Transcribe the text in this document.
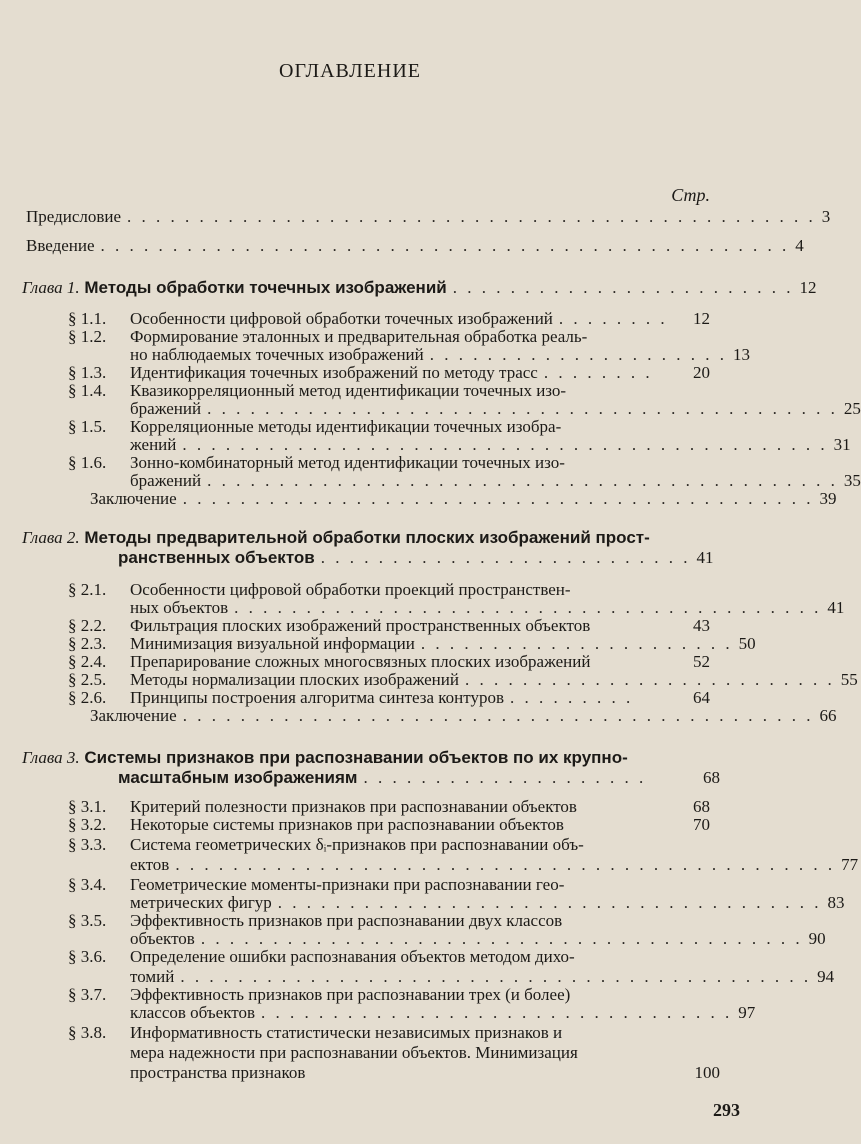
ОГЛАВЛЕНИЕ
Стр.
Предисловие . . . . . . . . . . . . . . . . . . . . . . . . . . . . . . . . . . . . . . . . . . . . . . . . 3
Введение . . . . . . . . . . . . . . . . . . . . . . . . . . . . . . . . . . . . . . . . . . . . . . . . 4
Глава 1. Методы обработки точечных изображений . . . . . . . . . . . . . . . . . . . . . . . . 12
§ 1.1. Особенности цифровой обработки точечных изображений . . . . . . . .	12
§ 1.2. Формирование эталонных и предварительная обработка реаль-
но наблюдаемых точечных изображений . . . . . . . . . . . . . . . . . . . . . 13
§ 1.3. Идентификация точечных изображений по методу трасс . . . . . . . .	20
§ 1.4. Квазикорреляционный метод идентификации точечных изо-
бражений . . . . . . . . . . . . . . . . . . . . . . . . . . . . . . . . . . . . . . . . . . . . 25
§ 1.5. Корреляционные методы идентификации точечных изобра-
жений . . . . . . . . . . . . . . . . . . . . . . . . . . . . . . . . . . . . . . . . . . . . . 31
§ 1.6. Зонно-комбинаторный метод идентификации точечных изо-
бражений . . . . . . . . . . . . . . . . . . . . . . . . . . . . . . . . . . . . . . . . . . . . 35
Заключение . . . . . . . . . . . . . . . . . . . . . . . . . . . . . . . . . . . . . . . . . . . . 39
Глава 2. Методы предварительной обработки плоских изображений прост-
ранственных объектов . . . . . . . . . . . . . . . . . . . . . . . . . . 41
§ 2.1. Особенности цифровой обработки проекций пространствен-
ных объектов . . . . . . . . . . . . . . . . . . . . . . . . . . . . . . . . . . . . . . . . . 41
§ 2.2. Фильтрация плоских изображений пространственных объектов	43
§ 2.3. Минимизация визуальной информации . . . . . . . . . . . . . . . . . . . . . . 50
§ 2.4. Препарирование сложных многосвязных плоских изображений	52
§ 2.5. Методы нормализации плоских изображений . . . . . . . . . . . . . . . . . . . . . . . . . . 55
§ 2.6. Принципы построения алгоритма синтеза контуров . . . . . . . . .	64
Заключение . . . . . . . . . . . . . . . . . . . . . . . . . . . . . . . . . . . . . . . . . . . . 66
Глава 3. Системы признаков при распознавании объектов по их крупно-
масштабным изображениям . . . . . . . . . . . . . . . . . . . .	68
§ 3.1. Критерий полезности признаков при распознавании объектов	68
§ 3.2. Некоторые системы признаков при распознавании объектов	70
§ 3.3. Система геометрических δᵢ-признаков при распознавании объ-
ектов . . . . . . . . . . . . . . . . . . . . . . . . . . . . . . . . . . . . . . . . . . . . . . 77
§ 3.4. Геометрические моменты-признаки при распознавании гео-
метрических фигур . . . . . . . . . . . . . . . . . . . . . . . . . . . . . . . . . . . . . . 83
§ 3.5. Эффективность признаков при распознавании двух классов
объектов . . . . . . . . . . . . . . . . . . . . . . . . . . . . . . . . . . . . . . . . . . 90
§ 3.6. Определение ошибки распознавания объектов методом дихо-
томий . . . . . . . . . . . . . . . . . . . . . . . . . . . . . . . . . . . . . . . . . . . . 94
§ 3.7. Эффективность признаков при распознавании трех (и более)
классов объектов . . . . . . . . . . . . . . . . . . . . . . . . . . . . . . . . . 97
§ 3.8. Информативность статистически независимых признаков и
мера надежности при распознавании объектов. Минимизация
пространства признаков	100
293
